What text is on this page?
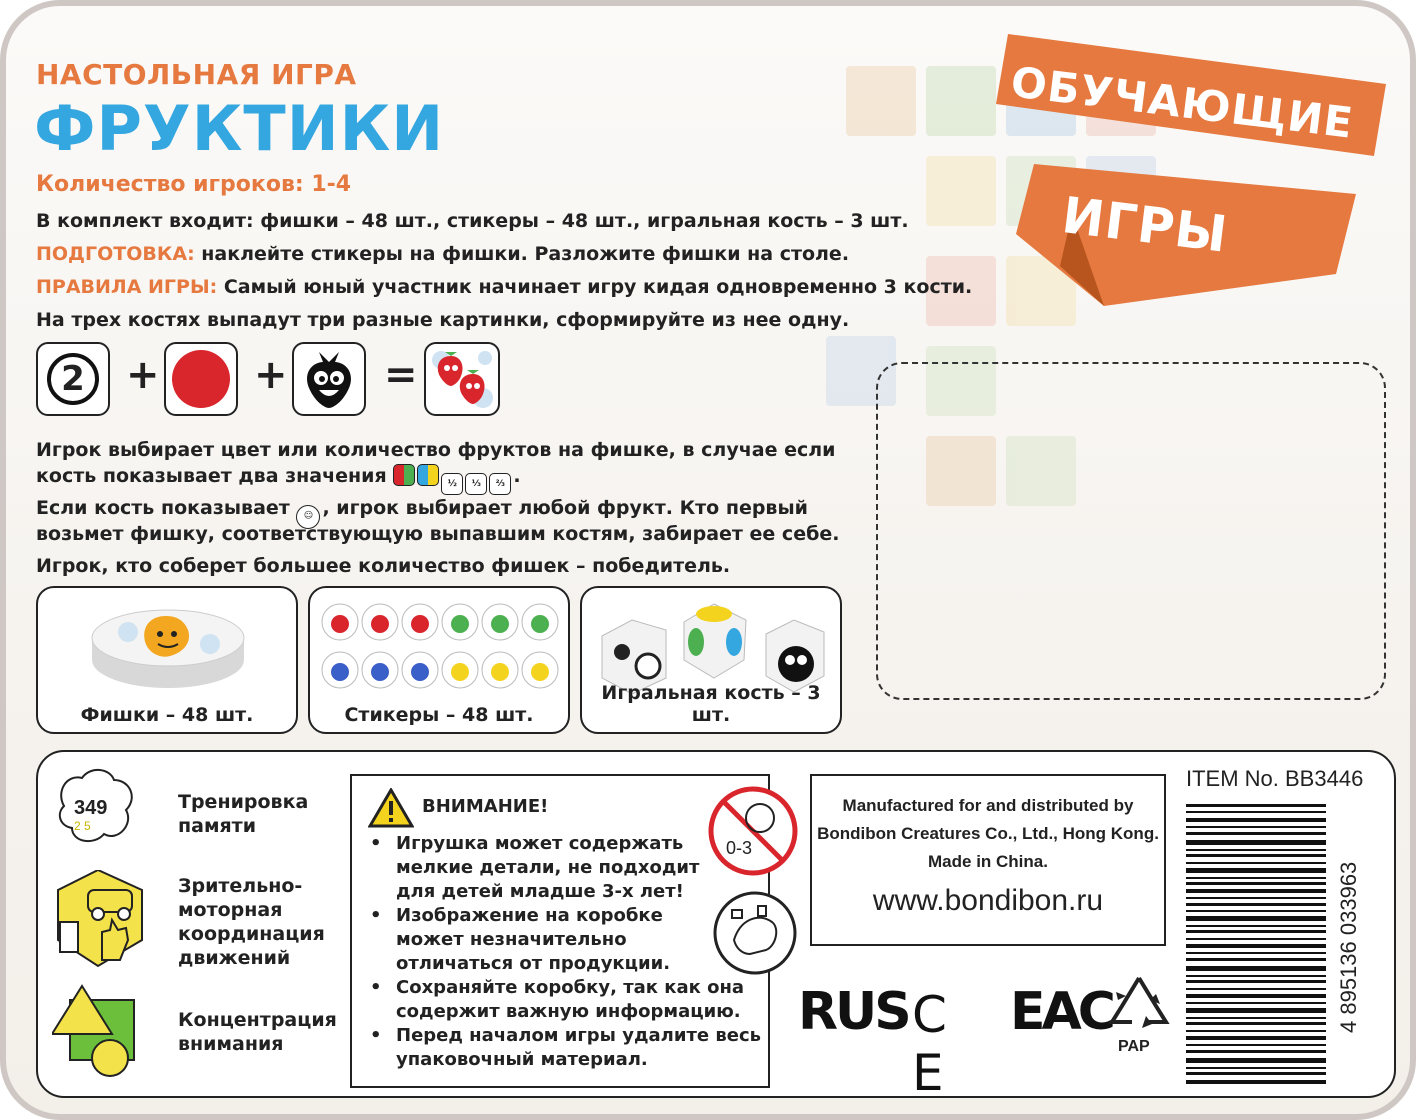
НАСТОЛЬНАЯ ИГРА
ФРУКТИКИ
Количество игроков: 1-4
ОБУЧАЮЩИЕ
ИГРЫ
В комплект входит: фишки – 48 шт., стикеры – 48 шт., игральная кость – 3 шт.
ПОДГОТОВКА: наклейте стикеры на фишки. Разложите фишки на столе.
ПРАВИЛА ИГРЫ: Самый юный участник начинает игру кидая одновременно 3 кости.
На трех костях выпадут три разные картинки, сформируйте из нее одну.
2	+ + =
Игрок выбирает цвет или количество фруктов на фишке, в случае если
кость показывает два значения	½ ⅓ ⅔ .
Если кость показывает ☺ , игрок выбирает любой фрукт. Кто первый
возьмет фишку, соответствующую выпавшим костям, забирает ее себе.
Игрок, кто соберет большее количество фишек – победитель.
Фишки – 48 шт.	Стикеры – 48 шт.
Игральная кость – 3 шт.
349
2 5
Тренировка
памяти
Зрительно-
моторная
координация
движений
Концентрация
внимания
ВНИМАНИЕ!
• Игрушка может содержать
мелкие детали, не подходит
для детей младше 3-х лет!
• Изображение на коробке
может незначительно
отличаться от продукции.
• Сохраняйте коробку, так как она
содержит важную информацию.
• Перед началом игры удалите весь
упаковочный материал.
0-3
Manufactured for and distributed by
Bondibon Creatures Co., Ltd., Hong Kong.
Made in China.
www.bondibon.ru
RUS C E
EAC
PAP
ITEM No. BB3446
4 895136 033963
